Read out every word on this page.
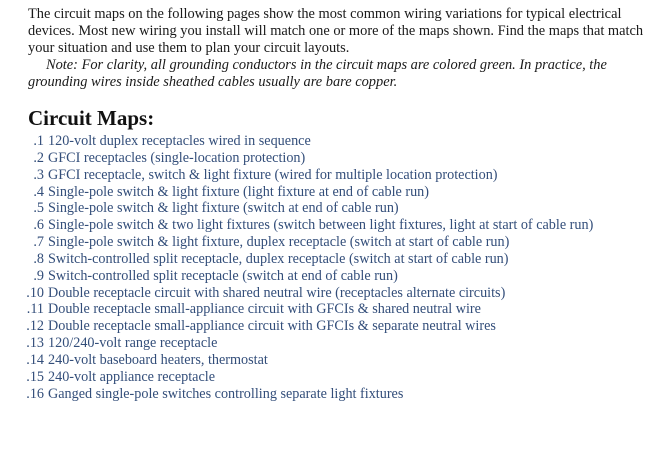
The circuit maps on the following pages show the most common wiring variations for typical electrical devices. Most new wiring you install will match one or more of the maps shown. Find the maps that match your situation and use them to plan your circuit layouts.
Note: For clarity, all grounding conductors in the circuit maps are colored green. In practice, the grounding wires inside sheathed cables usually are bare copper.

Circuit Maps:
1. 120-volt duplex receptacles wired in sequence
2. GFCI receptacles (single-location protection)
3. GFCI receptacle, switch & light fixture (wired for multiple location protection)
4. Single-pole switch & light fixture (light fixture at end of cable run)
5. Single-pole switch & light fixture (switch at end of cable run)
6. Single-pole switch & two light fixtures (switch between light fixtures, light at start of cable run)
7. Single-pole switch & light fixture, duplex receptacle (switch at start of cable run)
8. Switch-controlled split receptacle, duplex receptacle (switch at start of cable run)
9. Switch-controlled split receptacle (switch at end of cable run)
10. Double receptacle circuit with shared neutral wire (receptacles alternate circuits)
11. Double receptacle small-appliance circuit with GFCIs & shared neutral wire
12. Double receptacle small-appliance circuit with GFCIs & separate neutral wires
13. 120/240-volt range receptacle
14. 240-volt baseboard heaters, thermostat
15. 240-volt appliance receptacle
16. Ganged single-pole switches controlling separate light fixtures
